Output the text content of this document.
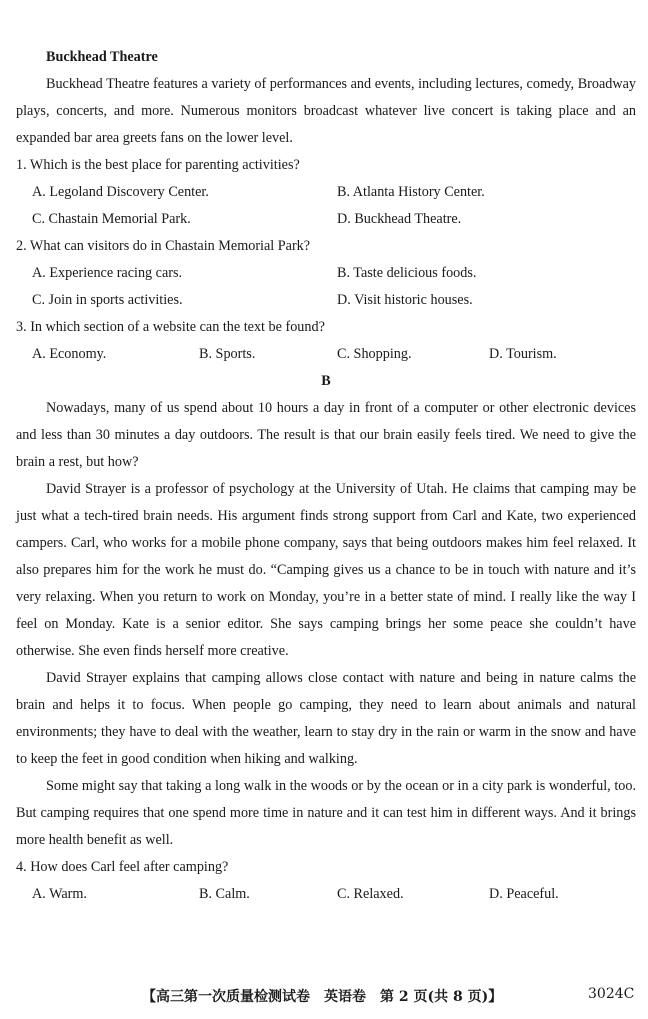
Buckhead Theatre

Buckhead Theatre features a variety of performances and events, including lectures, comedy, Broadway plays, concerts, and more. Numerous monitors broadcast whatever live concert is taking place and an expanded bar area greets fans on the lower level.

1. Which is the best place for parenting activities?
A. Legoland Discovery Center.	B. Atlanta History Center.
C. Chastain Memorial Park.	D. Buckhead Theatre.
2. What can visitors do in Chastain Memorial Park?
A. Experience racing cars.	B. Taste delicious foods.
C. Join in sports activities.	D. Visit historic houses.
3. In which section of a website can the text be found?
A. Economy.	B. Sports.	C. Shopping.	D. Tourism.
B

Nowadays, many of us spend about 10 hours a day in front of a computer or other electronic devices and less than 30 minutes a day outdoors. The result is that our brain easily feels tired. We need to give the brain a rest, but how?

David Strayer is a professor of psychology at the University of Utah. He claims that camping may be just what a tech-tired brain needs. His argument finds strong support from Carl and Kate, two experienced campers. Carl, who works for a mobile phone company, says that being outdoors makes him feel relaxed. It also prepares him for the work he must do. “Camping gives us a chance to be in touch with nature and it’s very relaxing. When you return to work on Monday, you’re in a better state of mind. I really like the way I feel on Monday. Kate is a senior editor. She says camping brings her some peace she couldn’t have otherwise. She even finds herself more creative.

David Strayer explains that camping allows close contact with nature and being in nature calms the brain and helps it to focus. When people go camping, they need to learn about animals and natural environments; they have to deal with the weather, learn to stay dry in the rain or warm in the snow and have to keep the feet in good condition when hiking and walking.

Some might say that taking a long walk in the woods or by the ocean or in a city park is wonderful, too. But camping requires that one spend more time in nature and it can test him in different ways. And it brings more health benefit as well.

4. How does Carl feel after camping?
A. Warm.	B. Calm.	C. Relaxed.	D. Peaceful.
【高三第一次质量检测试卷　英语卷　第 2 页(共 8 页)】	3024C
